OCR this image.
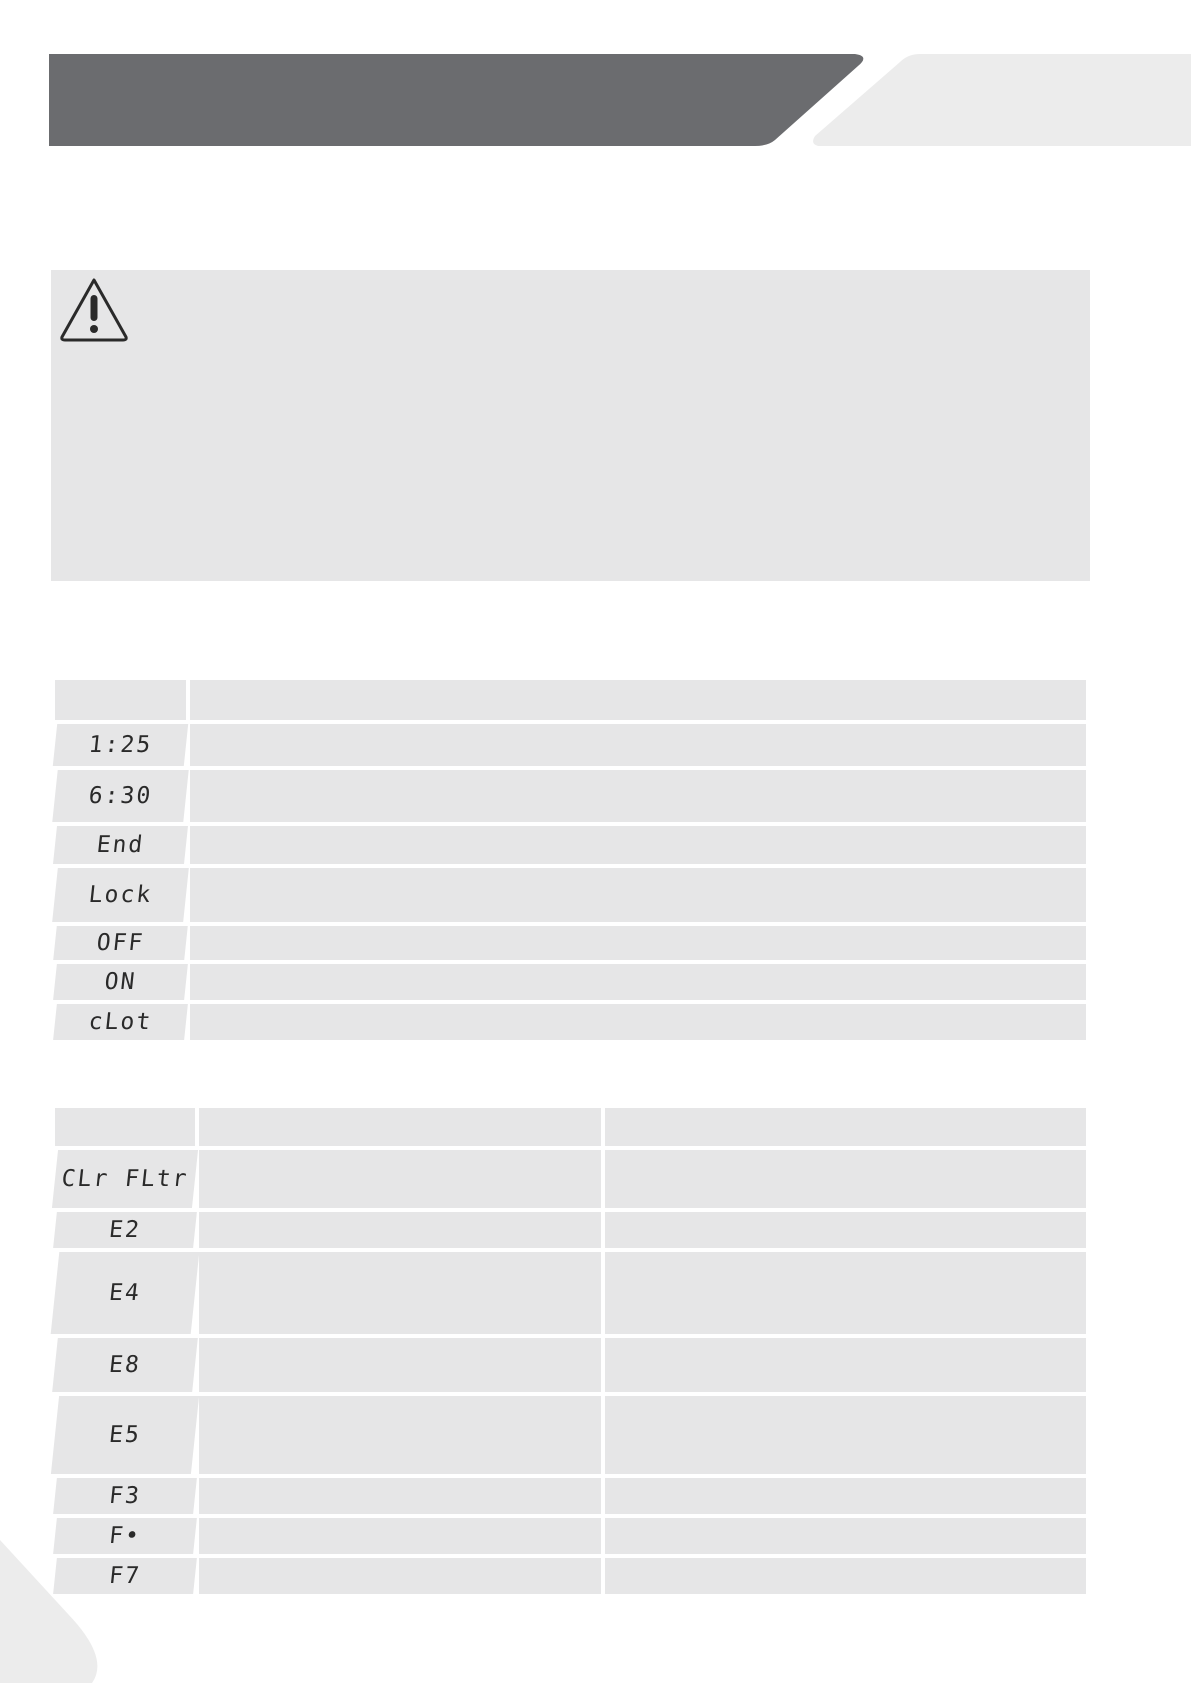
1:25	
6:30	
End	
Lock	
OFF	
ON	
cLot	

CLr FLtr		
E2		
E4		
E8		
E5		
F3		
F•		
F7		
